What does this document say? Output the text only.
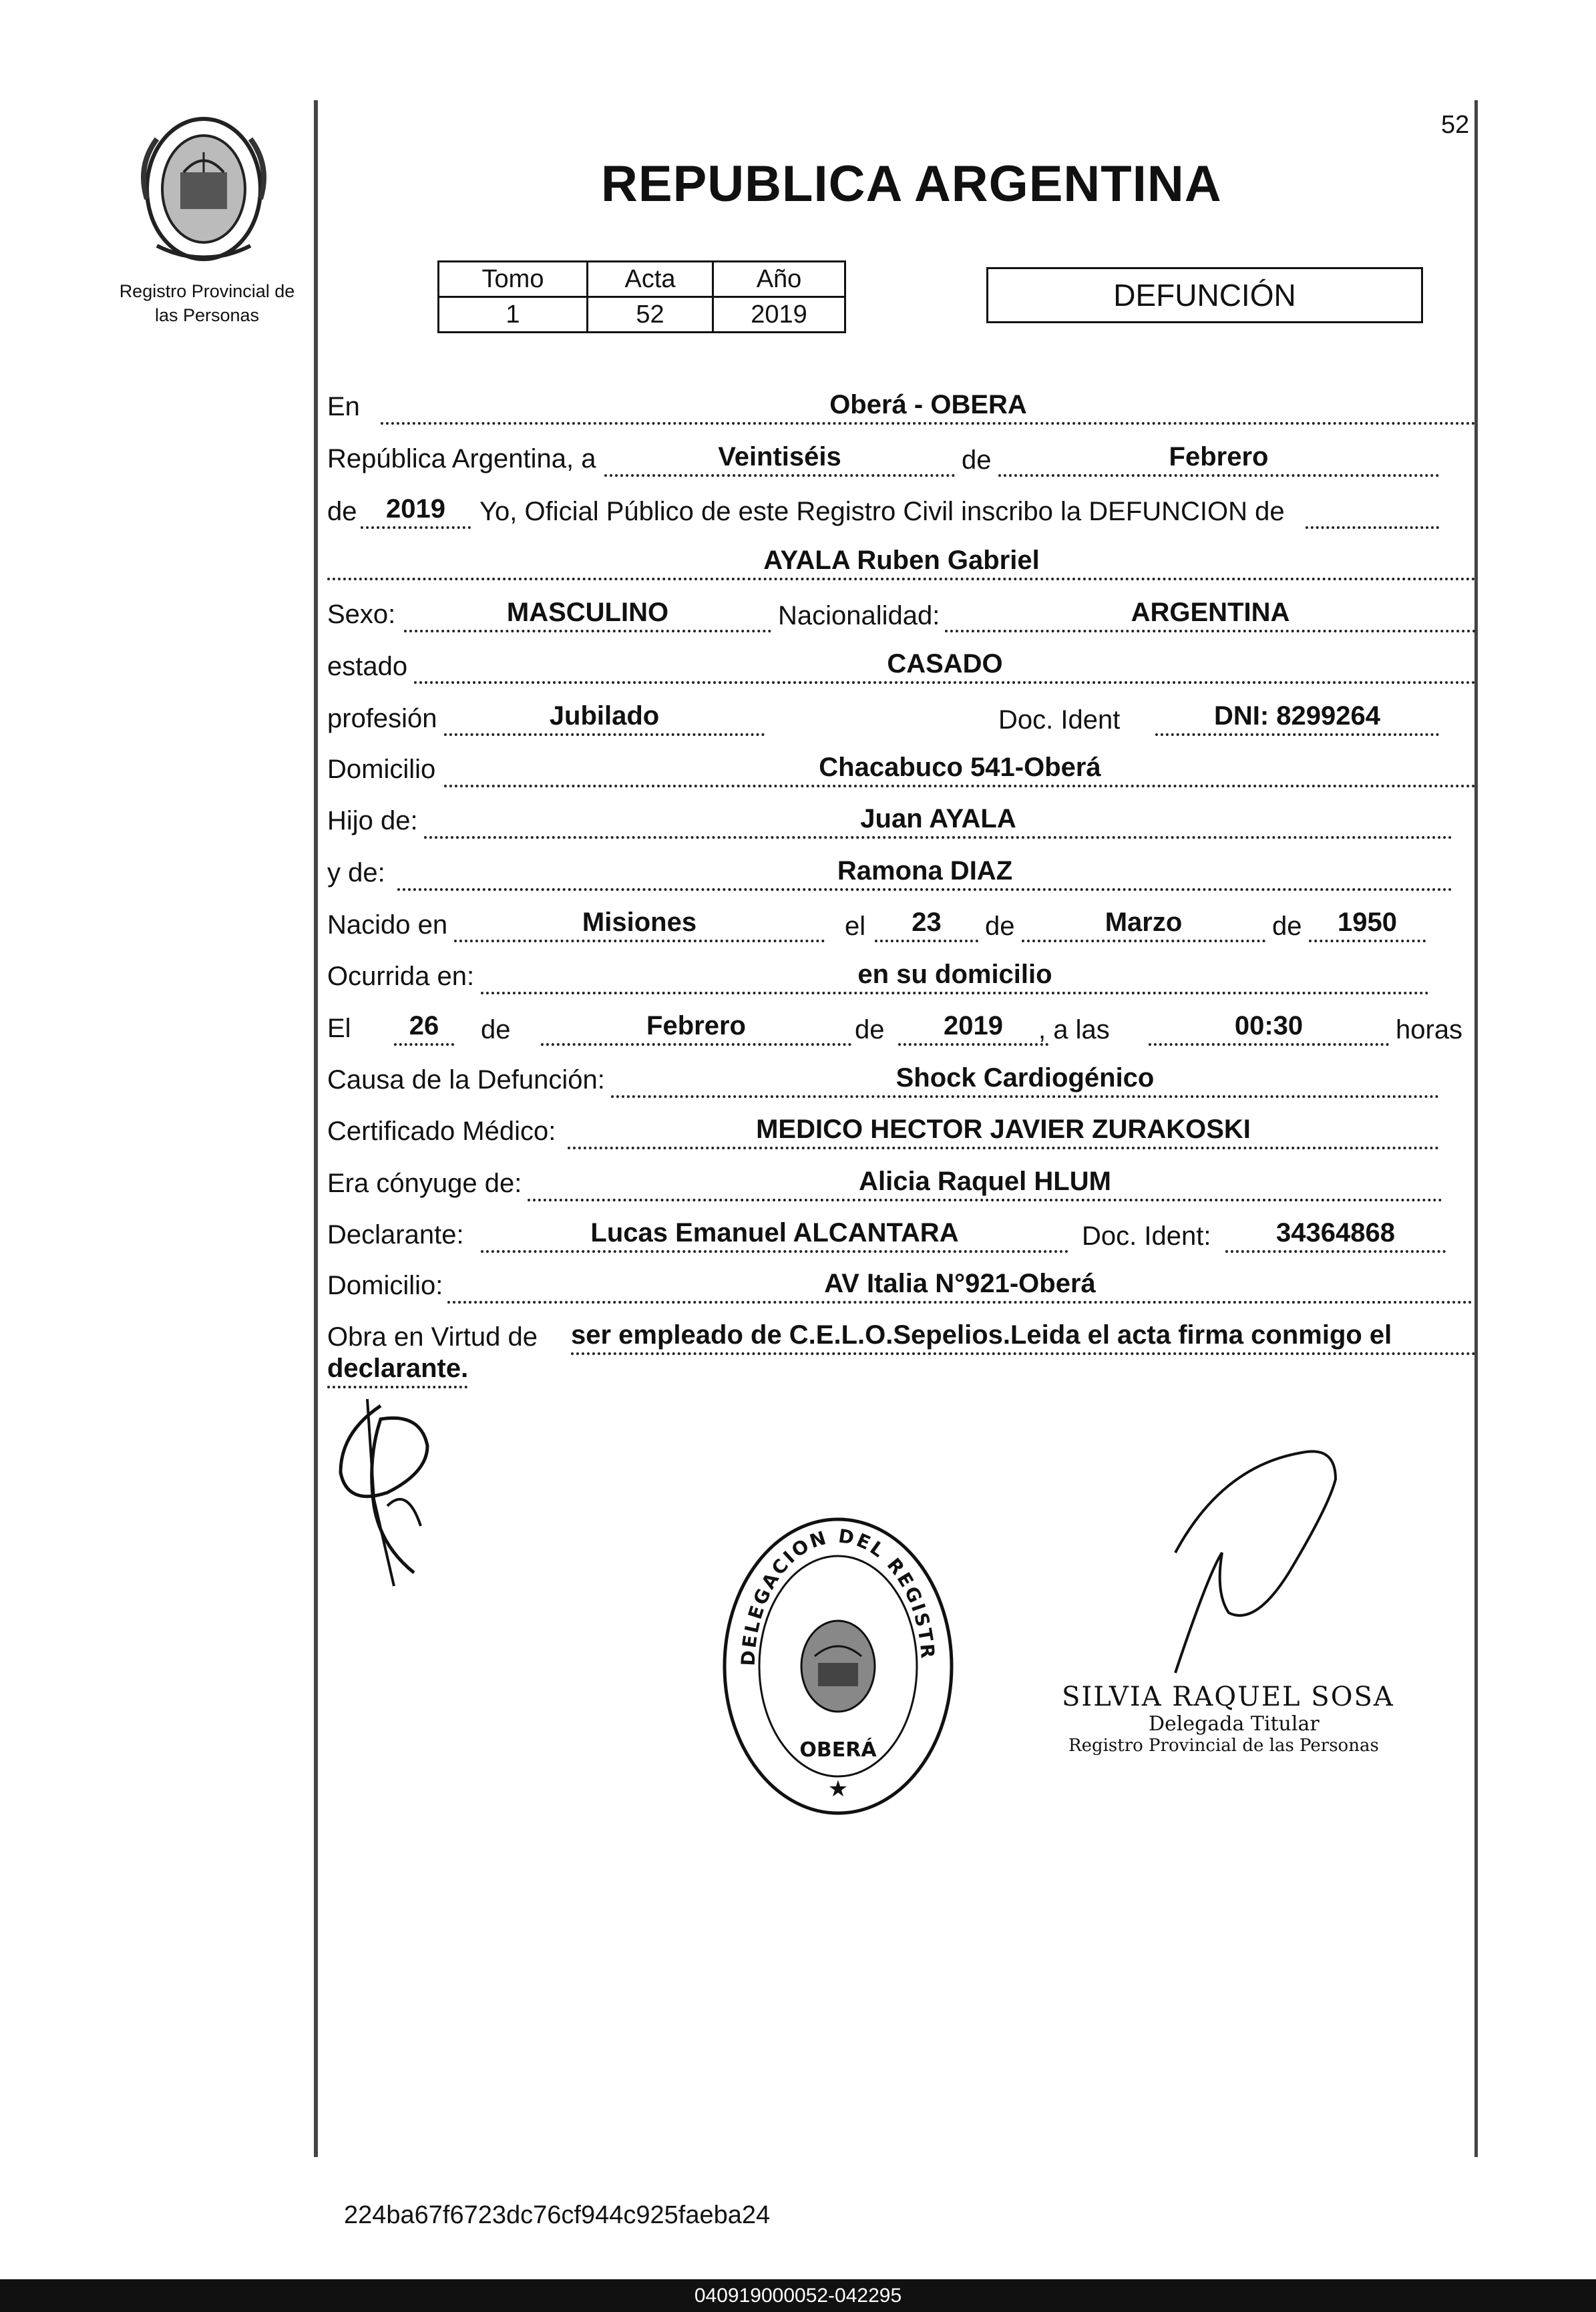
Registro Provincial de
las Personas
52
REPUBLICA ARGENTINA
Tomo	Acta	Año
1	52	2019
DEFUNCIÓN
En	Oberá - OBERA
República Argentina, a	Veintiséis	de	Febrero
de	2019	Yo, Oficial Público de este Registro Civil inscribo la DEFUNCION de
AYALA Ruben Gabriel
Sexo:	MASCULINO	Nacionalidad:	ARGENTINA
estado	CASADO
profesión	Jubilado	Doc. Ident	DNI: 8299264
Domicilio	Chacabuco 541-Oberá
Hijo de:	Juan AYALA
y de:	Ramona DIAZ
Nacido en	Misiones	el	23	de	Marzo	de	1950
Ocurrida en:	en su domicilio
El	26	de	Febrero	de	2019	, a las	00:30	horas
Causa de la Defunción:	Shock Cardiogénico
Certificado Médico:	MEDICO HECTOR JAVIER ZURAKOSKI
Era cónyuge de:	Alicia Raquel HLUM
Declarante:	Lucas Emanuel ALCANTARA	Doc. Ident:	34364868
Domicilio:	AV Italia N°921-Oberá
Obra en Virtud de ser empleado de C.E.L.O.Sepelios.Leida el acta firma conmigo el
declarante.
DELEGACION DEL REGISTR
OBERÁ
★
SILVIA RAQUEL SOSA
Delegada Titular
Registro Provincial de las Personas
224ba67f6723dc76cf944c925faeba24
040919000052-042295
